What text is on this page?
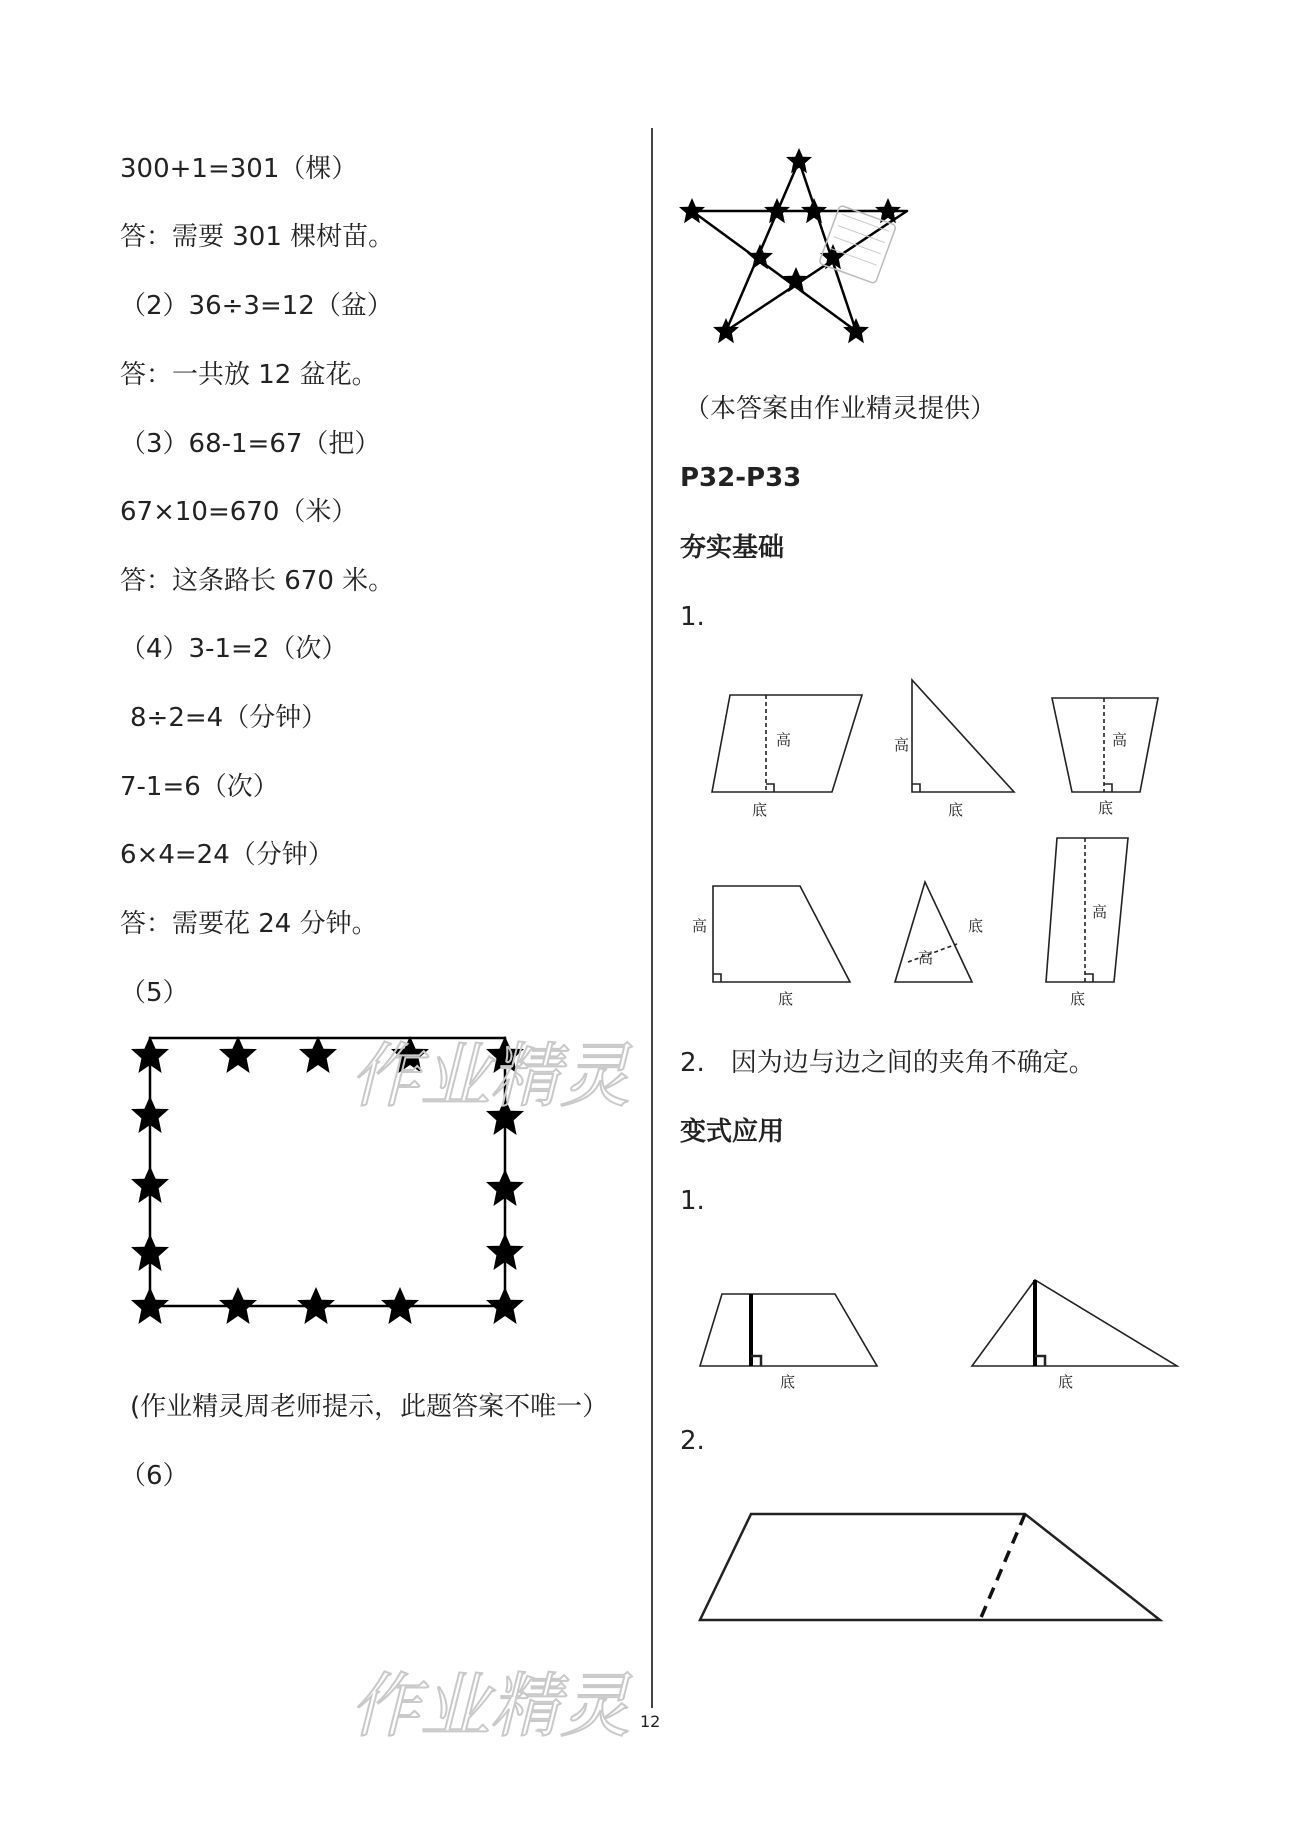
300+1=301（棵）
答：需要 301 棵树苗。
（2）36÷3=12（盆）
答：一共放 12 盆花。
（3）68-1=67（把）
67×10=670（米）
答：这条路长 670 米。
（4）3-1=2（次）
8÷2=4（分钟）
7-1=6（次）
6×4=24（分钟）
答：需要花 24 分钟。
（5）
(作业精灵周老师提示，此题答案不唯一）
（6）
（本答案由作业精灵提供）
P32-P33
夯实基础
1.
高
底
高
底
高
底
高
底
底
高
高
底
2.　因为边与边之间的夹角不确定。
变式应用
1.
底	底
2.
作业精灵
作业精灵 12
